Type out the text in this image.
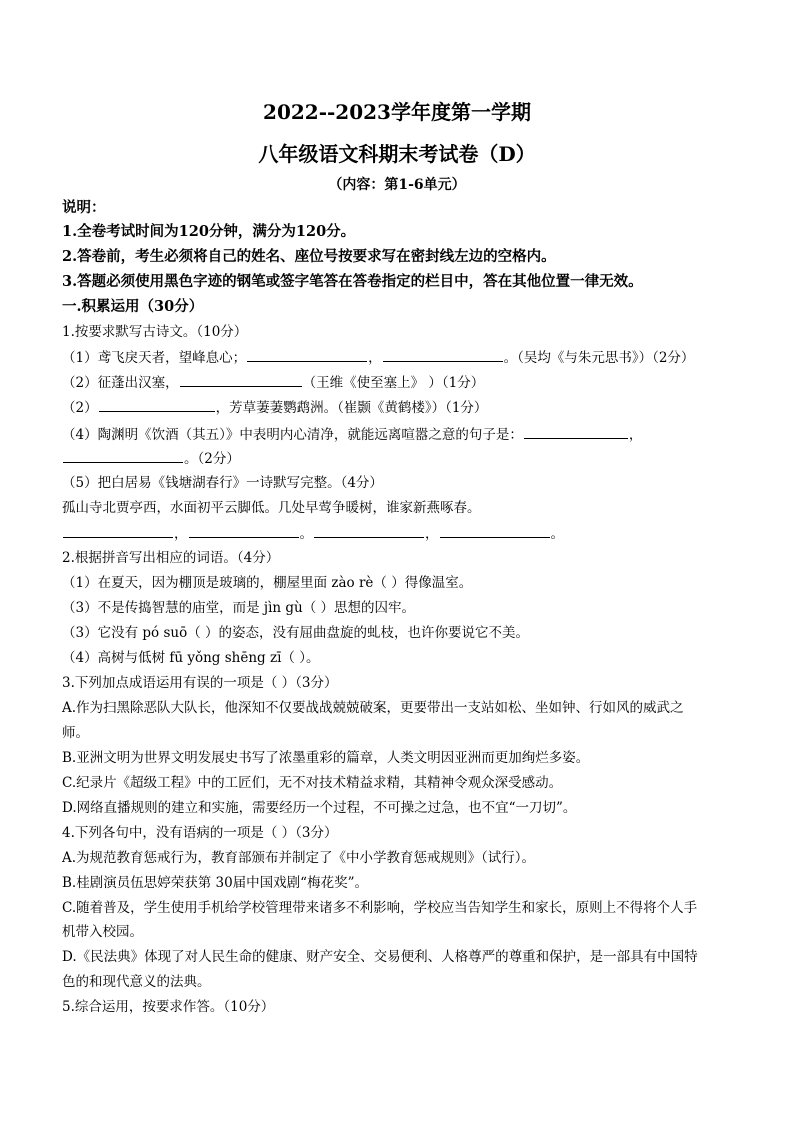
2022--2023学年度第一学期
八年级语文科期末考试卷（D）
（内容：第1-6单元）
说明：
1.全卷考试时间为120分钟，满分为120分。
2.答卷前，考生必须将自己的姓名、座位号按要求写在密封线左边的空格内。
3.答题必须使用黑色字迹的钢笔或签字笔答在答卷指定的栏目中，答在其他位置一律无效。
一.积累运用（30分）
1.按要求默写古诗文。（10分）
（1）鸢飞戾天者，望峰息心；	，	。（吴均《与朱元思书》）（2分）
（2）征蓬出汉塞，	（王维《使至塞上》 ）（1分）
（2）	，芳草萋萋鹦鹉洲。（崔颢《黄鹤楼》）（1分）
（4）陶渊明《饮酒（其五）》中表明内心清净，就能远离喧嚣之意的句子是：	，
。（2分）
（5）把白居易《钱塘湖春行》一诗默写完整。（4分）
孤山寺北贾亭西，水面初平云脚低。几处早莺争暖树，谁家新燕啄春。
，	。	，	。
2.根据拼音写出相应的词语。（4分）
（1）在夏天，因为棚顶是玻璃的，棚屋里面 zào rè（ ）得像温室。
（3）不是传捣智慧的庙堂，而是 jìn gù（ ）思想的囚牢。
（3）它没有 pó suō（ ）的姿态，没有屈曲盘旋的虬枝，也许你要说它不美。
（4）高树与低树 fū yǒng shēng zī（ ）。
3.下列加点成语运用有误的一项是（ ）（3分）
A.作为扫黑除恶队大队长，他深知不仅要战战兢兢破案，更要带出一支站如松、坐如钟、行如风的威武之
师。
B.亚洲文明为世界文明发展史书写了浓墨重彩的篇章，人类文明因亚洲而更加绚烂多姿。
C.纪录片《超级工程》中的工匠们，无不对技术精益求精，其精神令观众深受感动。
D.网络直播规则的建立和实施，需要经历一个过程，不可操之过急，也不宜“一刀切”。
4.下列各句中，没有语病的一项是（ ）（3分）
A.为规范教育惩戒行为，教育部颁布并制定了《中小学教育惩戒规则》（试行）。
B.桂剧演员伍思婷荣获第 30届中国戏剧“梅花奖”。
C.随着普及，学生使用手机给学校管理带来诸多不利影响，学校应当告知学生和家长，原则上不得将个人手
机带入校园。
D.《民法典》体现了对人民生命的健康、财产安全、交易便利、人格尊严的尊重和保护，是一部具有中国特
色的和现代意义的法典。
5.综合运用，按要求作答。（10分）
